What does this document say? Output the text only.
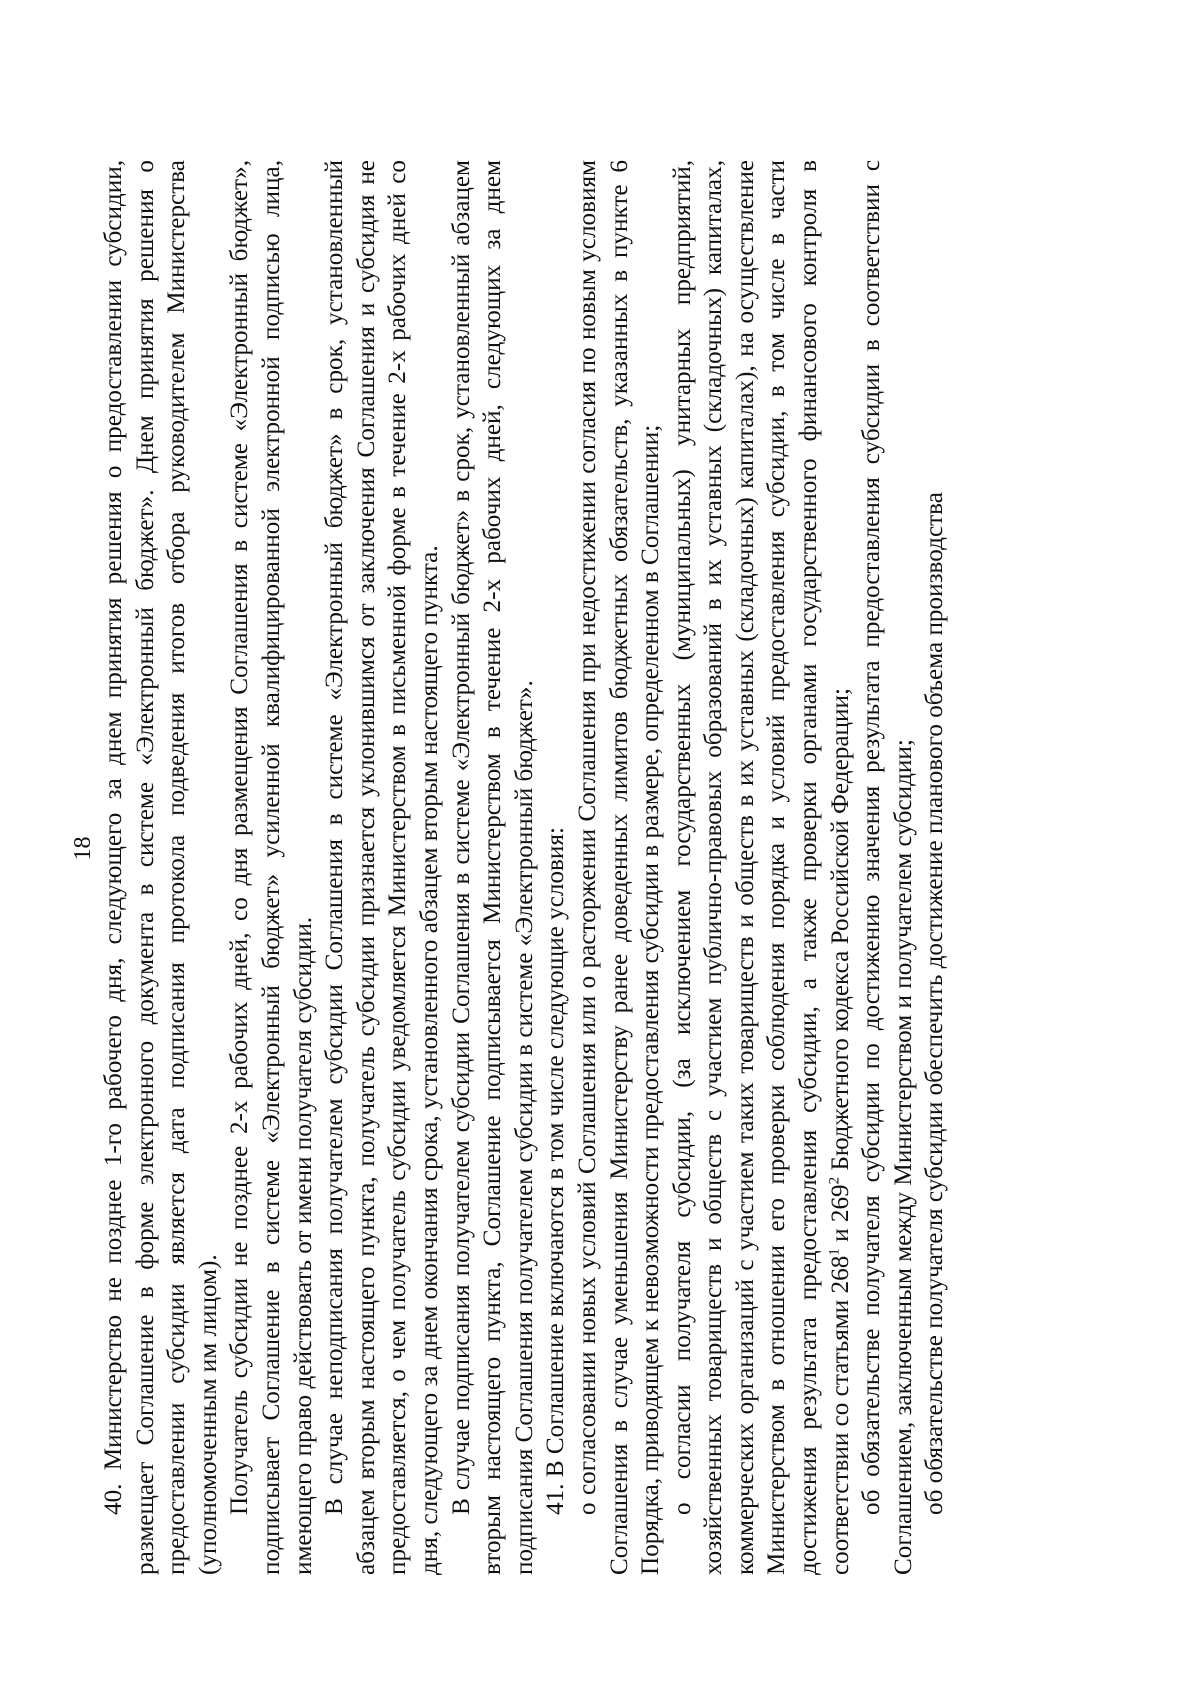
18 40. Министерство не позднее 1-го рабочего дня, следующего за днем принятия решения о предоставлении субсидии, размещает Соглашение в форме электронного документа в системе «Электронный бюджет». Днем принятия решения о предоставлении субсидии является дата подписания протокола подведения итогов отбора руководителем Министерства (уполномоченным им лицом). Получатель субсидии не позднее 2-х рабочих дней, со дня размещения Соглашения в системе «Электронный бюджет», подписывает Соглашение в системе «Электронный бюджет» усиленной квалифицированной электронной подписью лица, имеющего право действовать от имени получателя субсидии. В случае неподписания получателем субсидии Соглашения в системе «Электронный бюджет» в срок, установленный абзацем вторым настоящего пункта, получатель субсидии признается уклонившимся от заключения Соглашения и субсидия не предоставляется, о чем получатель субсидии уведомляется Министерством в письменной форме в течение 2-х рабочих дней со дня, следующего за днем окончания срока, установленного абзацем вторым настоящего пункта. В случае подписания получателем субсидии Соглашения в системе «Электронный бюджет» в срок, установленный абзацем вторым настоящего пункта, Соглашение подписывается Министерством в течение 2-х рабочих дней, следующих за днем подписания Соглашения получателем субсидии в системе «Электронный бюджет». 41. В Соглашение включаются в том числе следующие условия: о согласовании новых условий Соглашения или о расторжении Соглашения при недостижении согласия по новым условиям Соглашения в случае уменьшения Министерству ранее доведенных лимитов бюджетных обязательств, указанных в пункте 6 Порядка, приводящем к невозможности предоставления субсидии в размере, определенном в Соглашении; о согласии получателя субсидии, (за исключением государственных (муниципальных) унитарных предприятий, хозяйственных товариществ и обществ с участием публично-правовых образований в их уставных (складочных) капиталах, коммерческих организаций с участием таких товариществ и обществ в их уставных (складочных) капиталах), на осуществление Министерством в отношении его проверки соблюдения порядка и условий предоставления субсидии, в том числе в части достижения результата предоставления субсидии, а также проверки органами государственного финансового контроля в соответствии со статьями $268^1$ и $269^2$ Бюджетного кодекса Российской Федерации; об обязательстве получателя субсидии по достижению значения результата предоставления субсидии в соответствии с Соглашением, заключенным между Министерством и получателем субсидии; об обязательстве получателя субсидии обеспечить достижение планового объема производства
